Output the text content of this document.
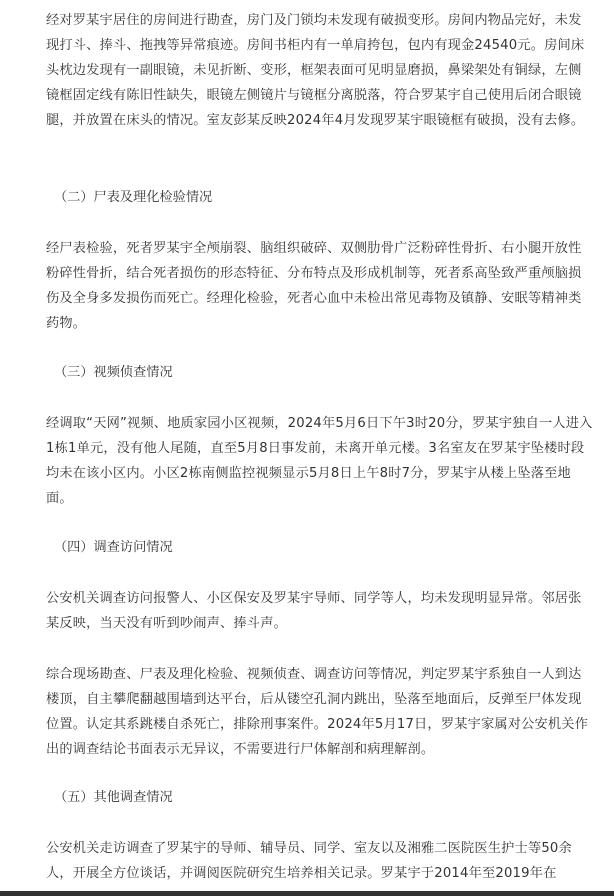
经对罗某宇居住的房间进行勘查，房门及门锁均未发现有破损变形。房间内物品完好，未发现打斗、捧斗、拖拽等异常痕迹。房间书柜内有一单肩挎包，包内有现金24540元。房间床头枕边发现有一副眼镜，未见折断、变形，框架表面可见明显磨损，鼻梁架处有铜绿，左侧镜框固定线有陈旧性缺失，眼镜左侧镜片与镜框分离脱落，符合罗某宇自己使用后闭合眼镜腿，并放置在床头的情况。室友彭某反映2024年4月发现罗某宇眼镜框有破损，没有去修。

（二）尸表及理化检验情况

经尸表检验，死者罗某宇全颅崩裂、脑组织破碎、双侧肋骨广泛粉碎性骨折、右小腿开放性粉碎性骨折，结合死者损伤的形态特征、分布特点及形成机制等，死者系高坠致严重颅脑损伤及全身多发损伤而死亡。经理化检验，死者心血中未检出常见毒物及镇静、安眠等精神类药物。

（三）视频侦查情况

经调取“天网”视频、地质家园小区视频，2024年5月6日下午3时20分，罗某宇独自一人进入1栋1单元，没有他人尾随，直至5月8日事发前，未离开单元楼。3名室友在罗某宇坠楼时段均未在该小区内。小区2栋南侧监控视频显示5月8日上午8时7分，罗某宇从楼上坠落至地面。

（四）调查访问情况

公安机关调查访问报警人、小区保安及罗某宇导师、同学等人，均未发现明显异常。邻居张某反映，当天没有听到吵闹声、捧斗声。

综合现场勘查、尸表及理化检验、视频侦查、调查访问等情况，判定罗某宇系独自一人到达楼顶，自主攀爬翻越围墙到达平台，后从镂空孔洞内跳出，坠落至地面后，反弹至尸体发现位置。认定其系跳楼自杀死亡，排除刑事案件。2024年5月17日，罗某宇家属对公安机关作出的调查结论书面表示无异议，不需要进行尸体解剖和病理解剖。

（五）其他调查情况

公安机关走访调查了罗某宇的导师、辅导员、同学、室友以及湘雅二医院医生护士等50余人，开展全方位谈话，并调阅医院研究生培养相关记录。罗某宇于2014年至2019年在
